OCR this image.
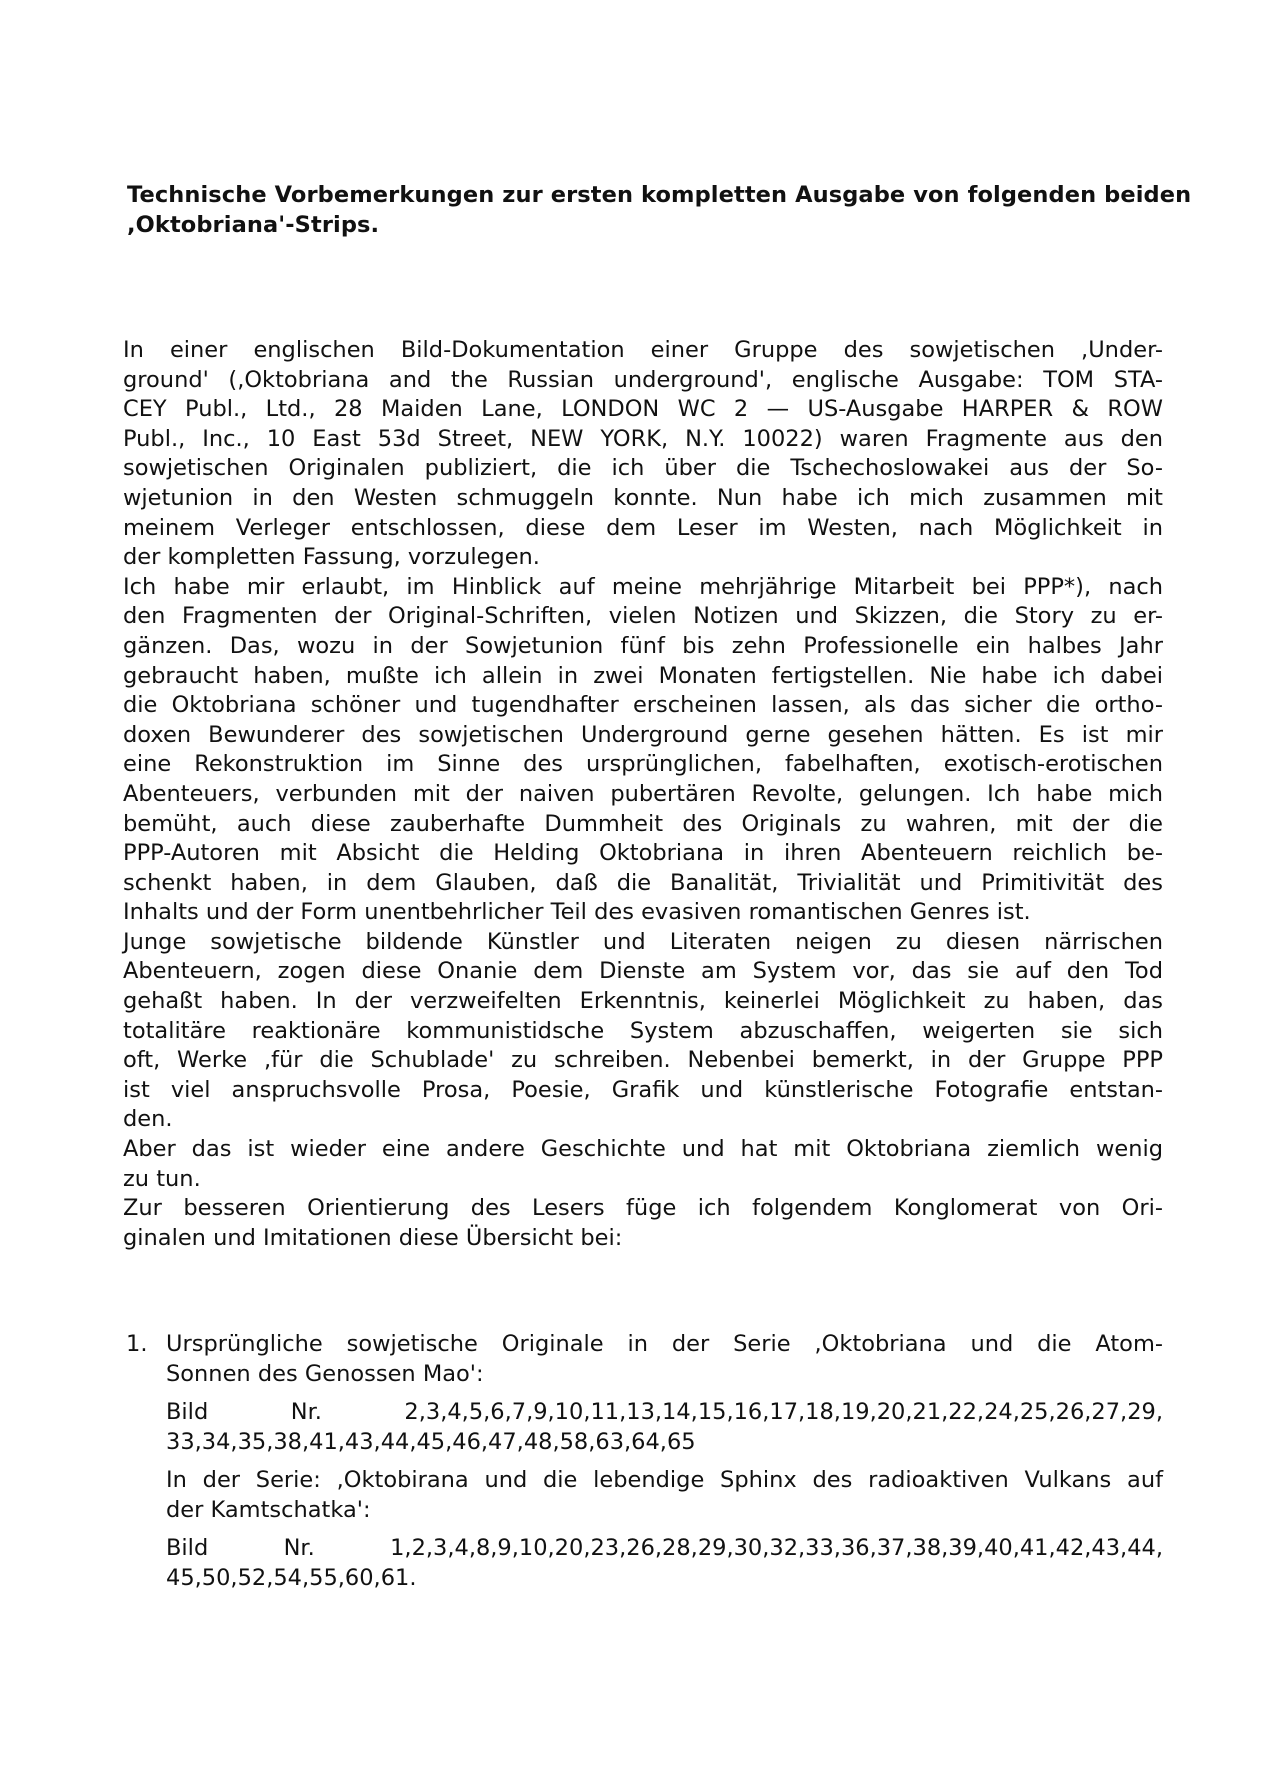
Technische Vorbemerkungen zur ersten kompletten Ausgabe von folgenden beiden
,Oktobriana'-Strips.
In einer englischen Bild-Dokumentation einer Gruppe des sowjetischen ,Under-
ground' (,Oktobriana and the Russian underground', englische Ausgabe: TOM STA-
CEY Publ., Ltd., 28 Maiden Lane, LONDON WC 2 — US-Ausgabe HARPER & ROW
Publ., Inc., 10 East 53d Street, NEW YORK, N.Y. 10022) waren Fragmente aus den
sowjetischen Originalen publiziert, die ich über die Tschechoslowakei aus der So-
wjetunion in den Westen schmuggeln konnte. Nun habe ich mich zusammen mit
meinem Verleger entschlossen, diese dem Leser im Westen, nach Möglichkeit in
der kompletten Fassung, vorzulegen.
Ich habe mir erlaubt, im Hinblick auf meine mehrjährige Mitarbeit bei PPP*), nach
den Fragmenten der Original-Schriften, vielen Notizen und Skizzen, die Story zu er-
gänzen. Das, wozu in der Sowjetunion fünf bis zehn Professionelle ein halbes Jahr
gebraucht haben, mußte ich allein in zwei Monaten fertigstellen. Nie habe ich dabei
die Oktobriana schöner und tugendhafter erscheinen lassen, als das sicher die ortho-
doxen Bewunderer des sowjetischen Underground gerne gesehen hätten. Es ist mir
eine Rekonstruktion im Sinne des ursprünglichen, fabelhaften, exotisch-erotischen
Abenteuers, verbunden mit der naiven pubertären Revolte, gelungen. Ich habe mich
bemüht, auch diese zauberhafte Dummheit des Originals zu wahren, mit der die
PPP-Autoren mit Absicht die Helding Oktobriana in ihren Abenteuern reichlich be-
schenkt haben, in dem Glauben, daß die Banalität, Trivialität und Primitivität des
Inhalts und der Form unentbehrlicher Teil des evasiven romantischen Genres ist.
Junge sowjetische bildende Künstler und Literaten neigen zu diesen närrischen
Abenteuern, zogen diese Onanie dem Dienste am System vor, das sie auf den Tod
gehaßt haben. In der verzweifelten Erkenntnis, keinerlei Möglichkeit zu haben, das
totalitäre reaktionäre kommunistidsche System abzuschaffen, weigerten sie sich
oft, Werke ,für die Schublade' zu schreiben. Nebenbei bemerkt, in der Gruppe PPP
ist viel anspruchsvolle Prosa, Poesie, Grafik und künstlerische Fotografie entstan-
den.
Aber das ist wieder eine andere Geschichte und hat mit Oktobriana ziemlich wenig
zu tun.
Zur besseren Orientierung des Lesers füge ich folgendem Konglomerat von Ori-
ginalen und Imitationen diese Übersicht bei:
1. Ursprüngliche sowjetische Originale in der Serie ,Oktobriana und die Atom-
Sonnen des Genossen Mao':
Bild Nr. 2,3,4,5,6,7,9,10,11,13,14,15,16,17,18,19,20,21,22,24,25,26,27,29,
33,34,35,38,41,43,44,45,46,47,48,58,63,64,65
In der Serie: ,Oktobirana und die lebendige Sphinx des radioaktiven Vulkans auf
der Kamtschatka':
Bild Nr. 1,2,3,4,8,9,10,20,23,26,28,29,30,32,33,36,37,38,39,40,41,42,43,44,
45,50,52,54,55,60,61.
